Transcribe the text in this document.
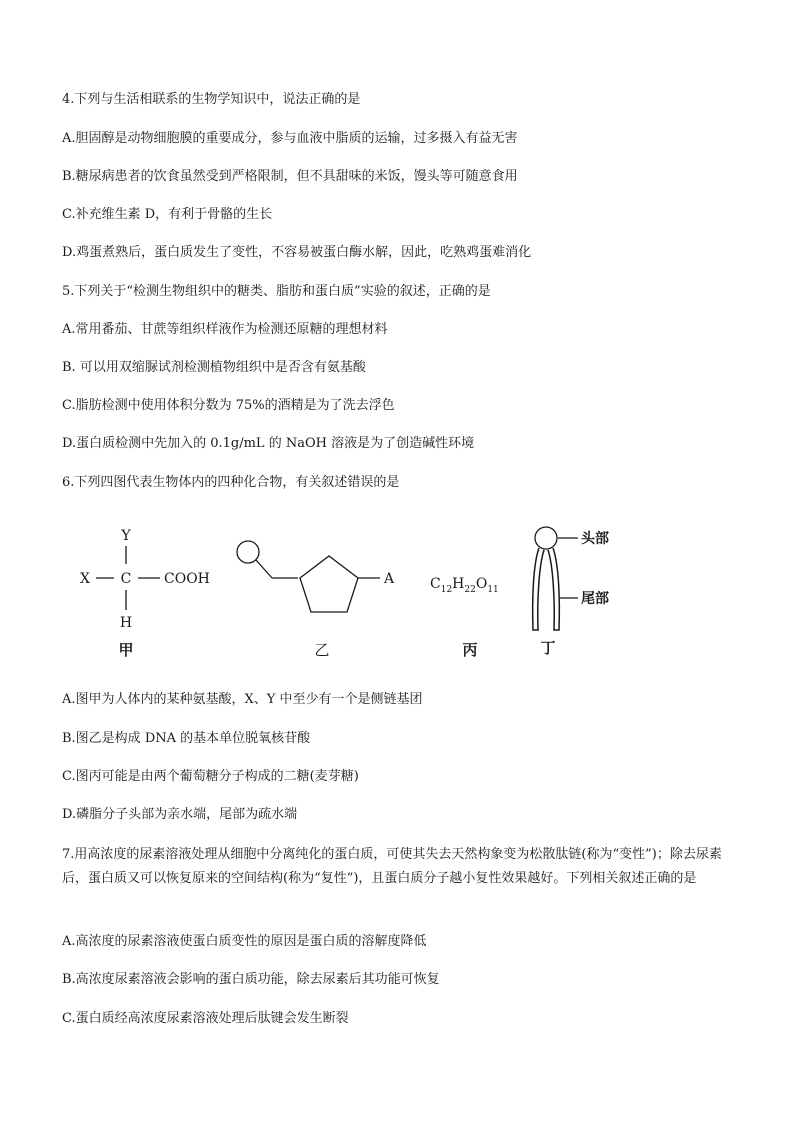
4.下列与生活相联系的生物学知识中，说法正确的是
A.胆固醇是动物细胞膜的重要成分，参与血液中脂质的运输，过多摄入有益无害
B.糖尿病患者的饮食虽然受到严格限制，但不具甜味的米饭，馒头等可随意食用
C.补充维生素 D，有利于骨骼的生长
D.鸡蛋煮熟后，蛋白质发生了变性，不容易被蛋白酶水解，因此，吃熟鸡蛋难消化
5.下列关于“检测生物组织中的糖类、脂肪和蛋白质”实验的叙述，正确的是
A.常用番茄、甘蔗等组织样液作为检测还原糖的理想材料
B. 可以用双缩脲试剂检测植物组织中是否含有氨基酸
C.脂肪检测中使用体积分数为 75%的酒精是为了洗去浮色
D.蛋白质检测中先加入的 0.1g/mL 的 NaOH 溶液是为了创造碱性环境
6.下列四图代表生物体内的四种化合物，有关叙述错误的是
Y
X C COOH
H
甲
A
乙
$C_{12}H_{22}O_{11}$
丙
头部
尾部
丁
A.图甲为人体内的某种氨基酸，X、Y 中至少有一个是侧链基团
B.图乙是构成 DNA 的基本单位脱氧核苷酸
C.图丙可能是由两个葡萄糖分子构成的二糖(麦芽糖)
D.磷脂分子头部为亲水端，尾部为疏水端
7.用高浓度的尿素溶液处理从细胞中分离纯化的蛋白质，可使其失去天然构象变为松散肽链(称为“变性”)；除去尿素后，蛋白质又可以恢复原来的空间结构(称为“复性”)，且蛋白质分子越小复性效果越好。下列相关叙述正确的是
A.高浓度的尿素溶液使蛋白质变性的原因是蛋白质的溶解度降低
B.高浓度尿素溶液会影响的蛋白质功能，除去尿素后其功能可恢复
C.蛋白质经高浓度尿素溶液处理后肽键会发生断裂
